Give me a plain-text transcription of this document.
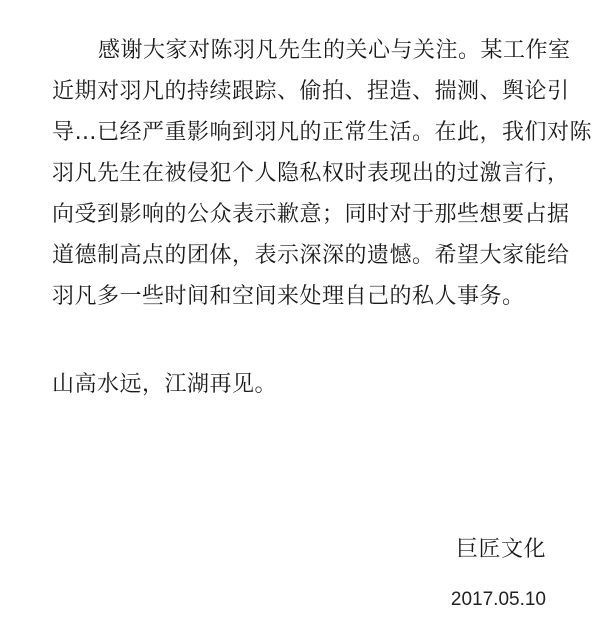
感谢大家对陈羽凡先生的关心与关注。某工作室
近期对羽凡的持续跟踪、偷拍、捏造、揣测、舆论引
导…已经严重影响到羽凡的正常生活。在此，我们对陈
羽凡先生在被侵犯个人隐私权时表现出的过激言行，
向受到影响的公众表示歉意；同时对于那些想要占据
道德制高点的团体，表示深深的遗憾。希望大家能给
羽凡多一些时间和空间来处理自己的私人事务。
山高水远，江湖再见。
巨匠文化
2017.05.10
